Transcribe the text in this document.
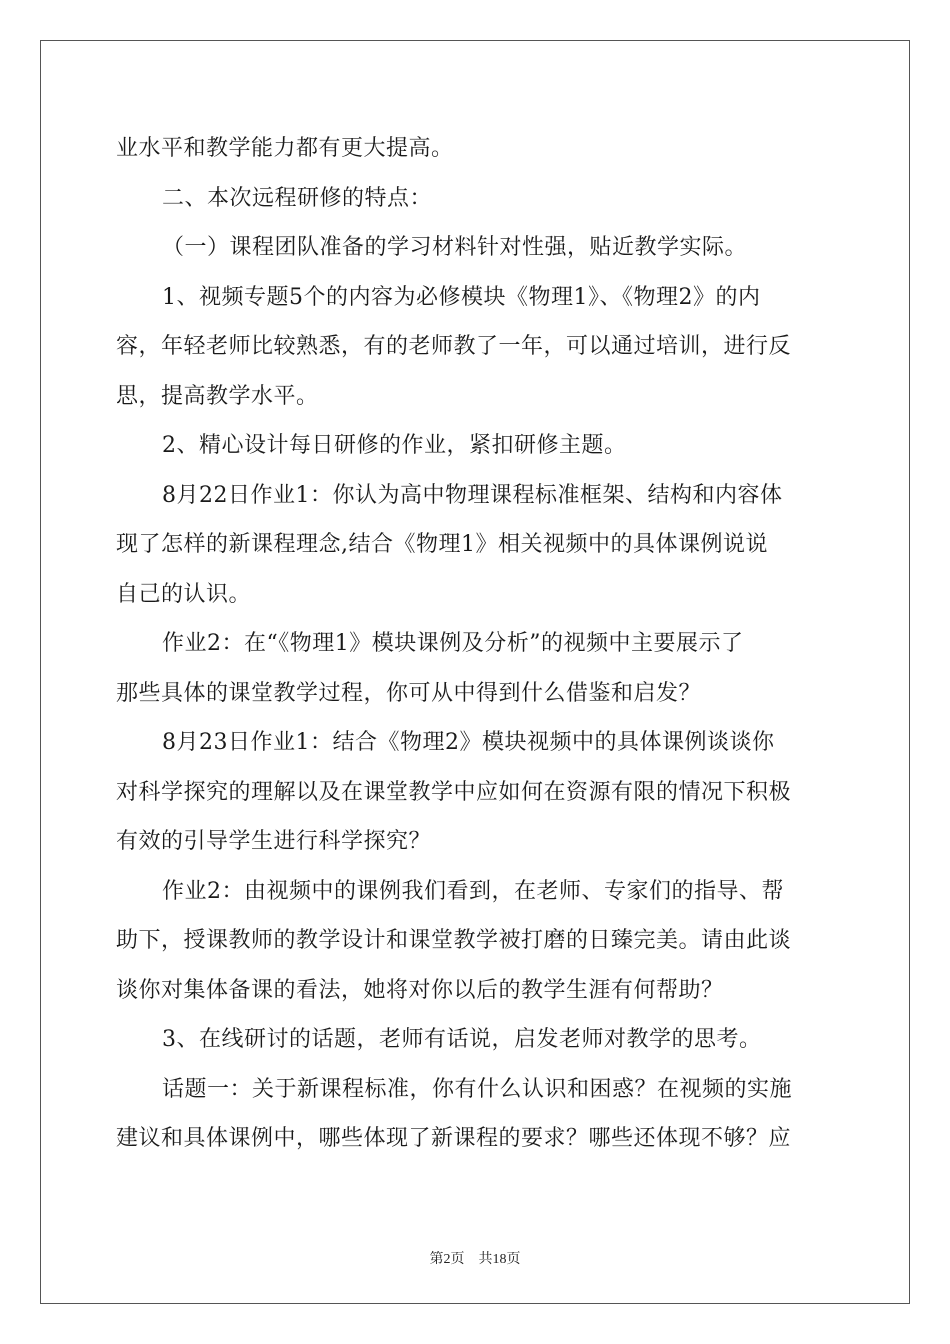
业水平和教学能力都有更大提高。
二、本次远程研修的特点：
（一）课程团队准备的学习材料针对性强，贴近教学实际。
1、视频专题5个的内容为必修模块《物理1》、《物理2》的内
容，年轻老师比较熟悉，有的老师教了一年，可以通过培训，进行反
思，提高教学水平。
2、精心设计每日研修的作业，紧扣研修主题。
8月22日作业1：你认为高中物理课程标准框架、结构和内容体
现了怎样的新课程理念,结合《物理1》相关视频中的具体课例说说
自己的认识。
作业2：在“《物理1》模块课例及分析”的视频中主要展示了
那些具体的课堂教学过程，你可从中得到什么借鉴和启发？
8月23日作业1：结合《物理2》模块视频中的具体课例谈谈你
对科学探究的理解以及在课堂教学中应如何在资源有限的情况下积极
有效的引导学生进行科学探究？
作业2：由视频中的课例我们看到，在老师、专家们的指导、帮
助下，授课教师的教学设计和课堂教学被打磨的日臻完美。请由此谈
谈你对集体备课的看法，她将对你以后的教学生涯有何帮助？
3、在线研讨的话题，老师有话说，启发老师对教学的思考。
话题一：关于新课程标准，你有什么认识和困惑？在视频的实施
建议和具体课例中，哪些体现了新课程的要求？哪些还体现不够？应
第2页    共18页
